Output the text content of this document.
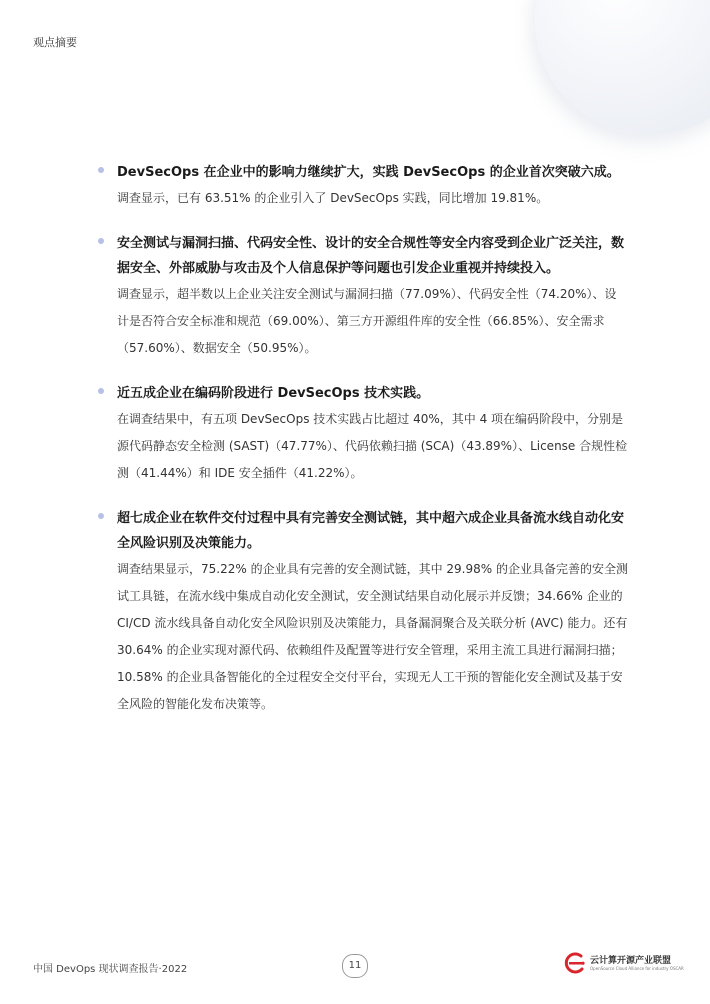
观点摘要
DevSecOps 在企业中的影响力继续扩大，实践 DevSecOps 的企业首次突破六成。
调查显示，已有 63.51% 的企业引入了 DevSecOps 实践，同比增加 19.81%。
安全测试与漏洞扫描、代码安全性、设计的安全合规性等安全内容受到企业广泛关注，数据安全、外部威胁与攻击及个人信息保护等问题也引发企业重视并持续投入。
调查显示，超半数以上企业关注安全测试与漏洞扫描（77.09%）、代码安全性（74.20%）、设计是否符合安全标准和规范（69.00%）、第三方开源组件库的安全性（66.85%）、安全需求（57.60%）、数据安全（50.95%）。
近五成企业在编码阶段进行 DevSecOps 技术实践。
在调查结果中，有五项 DevSecOps 技术实践占比超过 40%，其中 4 项在编码阶段中，分别是源代码静态安全检测 (SAST)（47.77%）、代码依赖扫描 (SCA)（43.89%）、License 合规性检测（41.44%）和 IDE 安全插件（41.22%）。
超七成企业在软件交付过程中具有完善安全测试链，其中超六成企业具备流水线自动化安全风险识别及决策能力。
调查结果显示，75.22% 的企业具有完善的安全测试链，其中 29.98% 的企业具备完善的安全测试工具链，在流水线中集成自动化安全测试，安全测试结果自动化展示并反馈；34.66% 企业的 CI/CD 流水线具备自动化安全风险识别及决策能力，具备漏洞聚合及关联分析 (AVC) 能力。还有 30.64% 的企业实现对源代码、依赖组件及配置等进行安全管理，采用主流工具进行漏洞扫描；10.58% 的企业具备智能化的全过程安全交付平台，实现无人工干预的智能化安全测试及基于安全风险的智能化发布决策等。
中国 DevOps 现状调查报告·2022	11	云计算开源产业联盟
OpenSource Cloud Alliance for industry OSCAR
